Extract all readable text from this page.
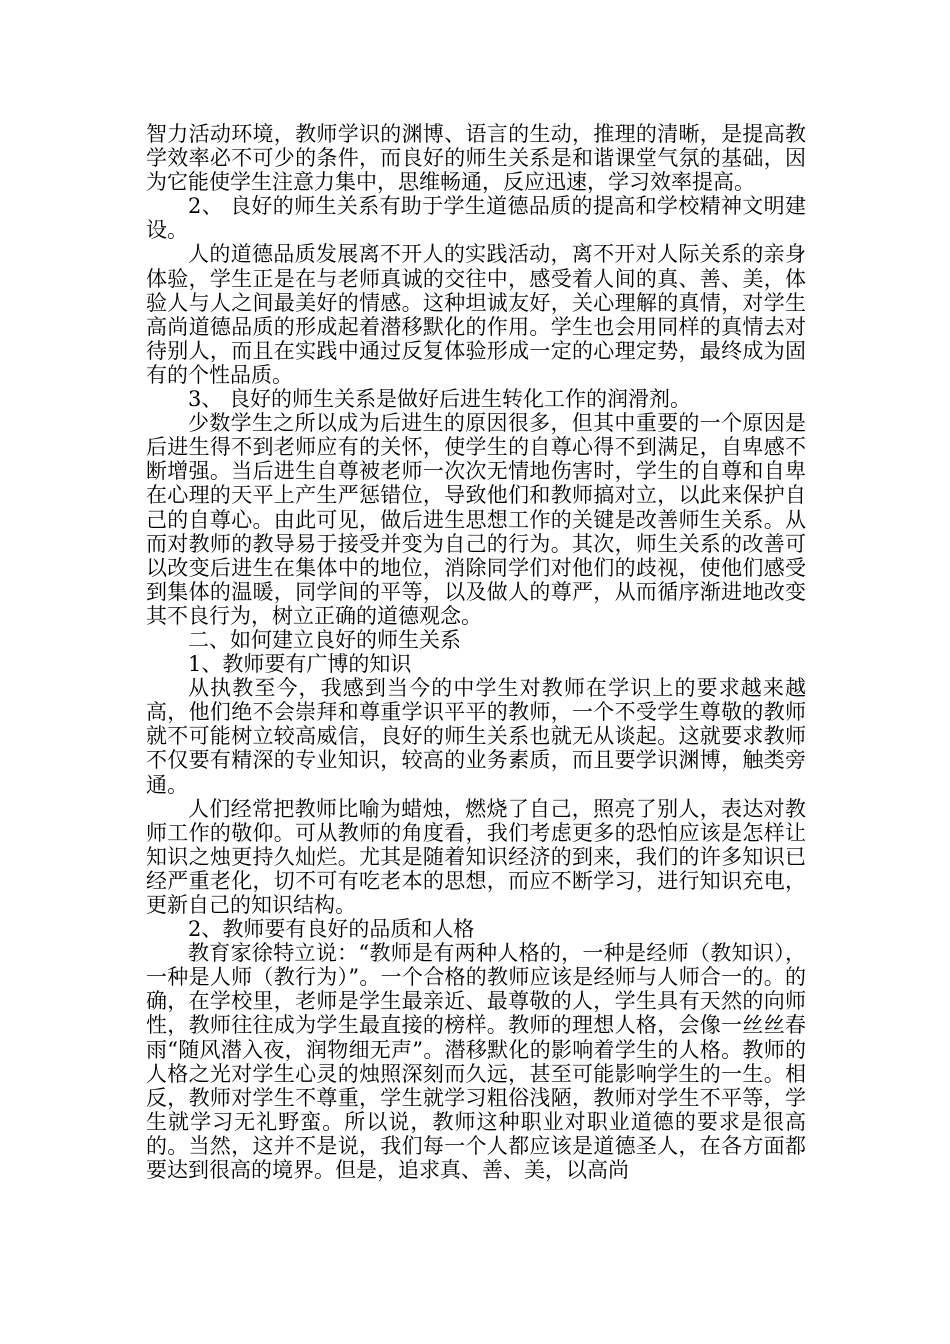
智力活动环境，教师学识的渊博、语言的生动，推理的清晰，是提高教学效率必不可少的条件，而良好的师生关系是和谐课堂气氛的基础，因为它能使学生注意力集中，思维畅通，反应迅速，学习效率提高。

2、 良好的师生关系有助于学生道德品质的提高和学校精神文明建设。

人的道德品质发展离不开人的实践活动，离不开对人际关系的亲身体验，学生正是在与老师真诚的交往中，感受着人间的真、善、美，体验人与人之间最美好的情感。这种坦诚友好，关心理解的真情，对学生高尚道德品质的形成起着潜移默化的作用。学生也会用同样的真情去对待别人，而且在实践中通过反复体验形成一定的心理定势，最终成为固有的个性品质。

3、 良好的师生关系是做好后进生转化工作的润滑剂。

少数学生之所以成为后进生的原因很多，但其中重要的一个原因是后进生得不到老师应有的关怀，使学生的自尊心得不到满足，自卑感不断增强。当后进生自尊被老师一次次无情地伤害时，学生的自尊和自卑在心理的天平上产生严惩错位，导致他们和教师搞对立，以此来保护自己的自尊心。由此可见，做后进生思想工作的关键是改善师生关系。从而对教师的教导易于接受并变为自己的行为。其次，师生关系的改善可以改变后进生在集体中的地位，消除同学们对他们的歧视，使他们感受到集体的温暖，同学间的平等，以及做人的尊严，从而循序渐进地改变其不良行为，树立正确的道德观念。

二、如何建立良好的师生关系

1、教师要有广博的知识

从执教至今，我感到当今的中学生对教师在学识上的要求越来越高，他们绝不会崇拜和尊重学识平平的教师，一个不受学生尊敬的教师就不可能树立较高威信，良好的师生关系也就无从谈起。这就要求教师不仅要有精深的专业知识，较高的业务素质，而且要学识渊博，触类旁通。

人们经常把教师比喻为蜡烛，燃烧了自己，照亮了别人，表达对教师工作的敬仰。可从教师的角度看，我们考虑更多的恐怕应该是怎样让知识之烛更持久灿烂。尤其是随着知识经济的到来，我们的许多知识已经严重老化，切不可有吃老本的思想，而应不断学习，进行知识充电，更新自己的知识结构。

2、教师要有良好的品质和人格

教育家徐特立说：“教师是有两种人格的，一种是经师（教知识），一种是人师（教行为）”。一个合格的教师应该是经师与人师合一的。的确，在学校里，老师是学生最亲近、最尊敬的人，学生具有天然的向师性，教师往往成为学生最直接的榜样。教师的理想人格，会像一丝丝春雨“随风潜入夜，润物细无声”。潜移默化的影响着学生的人格。教师的人格之光对学生心灵的烛照深刻而久远，甚至可能影响学生的一生。相反，教师对学生不尊重，学生就学习粗俗浅陋，教师对学生不平等，学生就学习无礼野蛮。所以说，教师这种职业对职业道德的要求是很高的。当然，这并不是说，我们每一个人都应该是道德圣人，在各方面都要达到很高的境界。但是，追求真、善、美，以高尚
